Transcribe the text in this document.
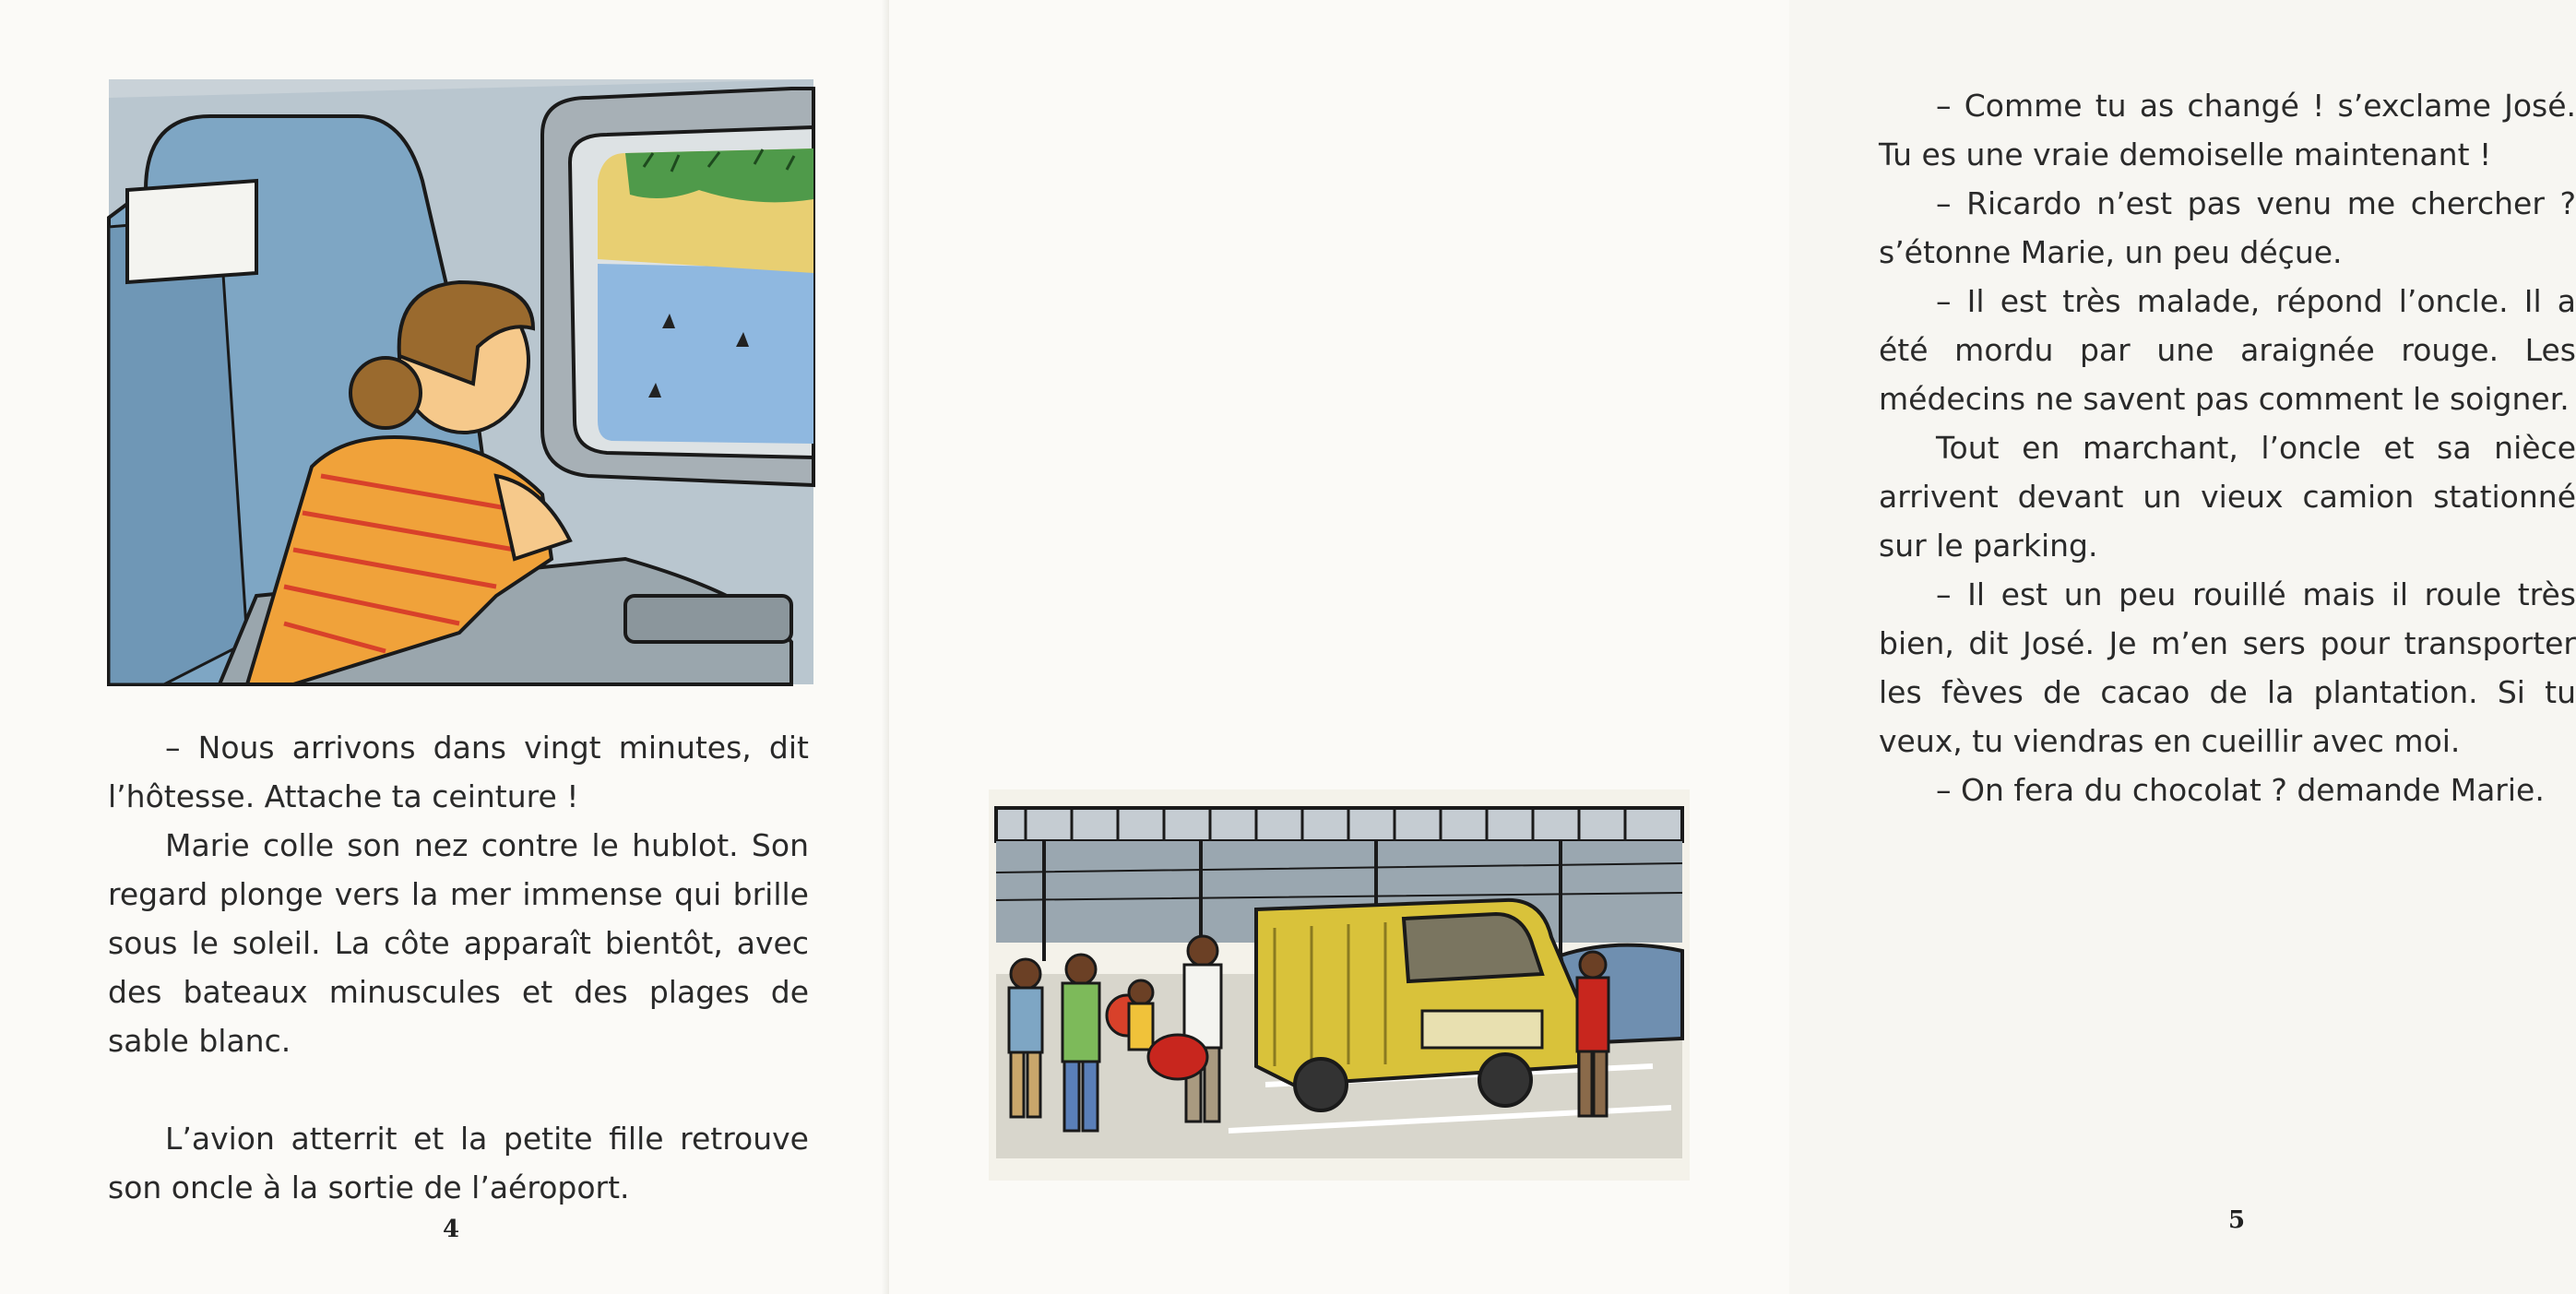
– Nous arrivons dans vingt minutes, dit l’hôtesse. Attache ta ceinture !

Marie colle son nez contre le hublot. Son regard plonge vers la mer immense qui brille sous le soleil. La côte apparaît bientôt, avec des bateaux minuscules et des plages de sable blanc.

L’avion atterrit et la petite fille retrouve son oncle à la sortie de l’aéroport.

4

– Comme tu as changé ! s’exclame José. Tu es une vraie demoiselle maintenant !

– Ricardo n’est pas venu me chercher ? s’étonne Marie, un peu déçue.

– Il est très malade, répond l’oncle. Il a été mordu par une araignée rouge. Les médecins ne savent pas comment le soigner.

Tout en marchant, l’oncle et sa nièce arrivent devant un vieux camion stationné sur le parking.

– Il est un peu rouillé mais il roule très bien, dit José. Je m’en sers pour transporter les fèves de cacao de la plantation. Si tu veux, tu viendras en cueillir avec moi.

– On fera du chocolat ? demande Marie.

5
